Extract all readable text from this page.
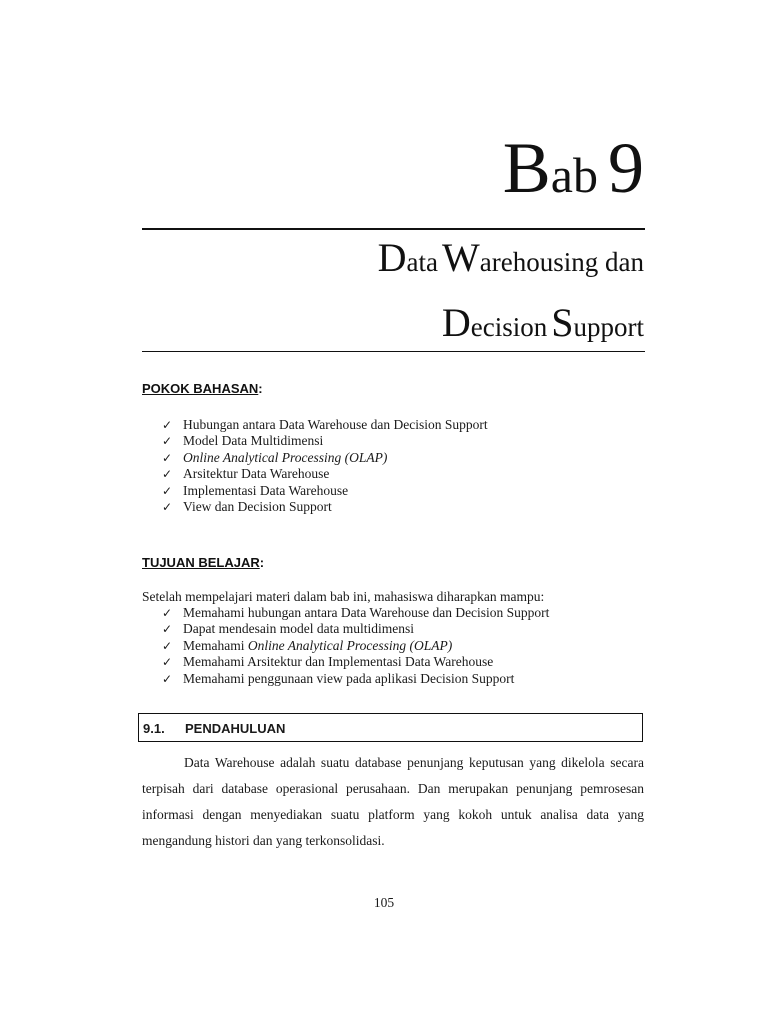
Bab 9
Data Warehousing dan
Decision Support
POKOK BAHASAN:
✓ Hubungan antara Data Warehouse dan Decision Support
✓ Model Data Multidimensi
✓ Online Analytical Processing (OLAP)
✓ Arsitektur Data Warehouse
✓ Implementasi Data Warehouse
✓ View dan Decision Support
TUJUAN BELAJAR:
Setelah mempelajari materi dalam bab ini, mahasiswa diharapkan mampu:
✓ Memahami hubungan antara Data Warehouse dan Decision Support
✓ Dapat mendesain model data multidimensi
✓ Memahami Online Analytical Processing (OLAP)
✓ Memahami Arsitektur dan Implementasi Data Warehouse
✓ Memahami penggunaan view pada aplikasi Decision Support
9.1. PENDAHULUAN

Data Warehouse adalah suatu database penunjang keputusan yang dikelola secara terpisah dari database operasional perusahaan. Dan merupakan penunjang pemrosesan informasi dengan menyediakan suatu platform yang kokoh untuk analisa data yang mengandung histori dan yang terkonsolidasi.

105
